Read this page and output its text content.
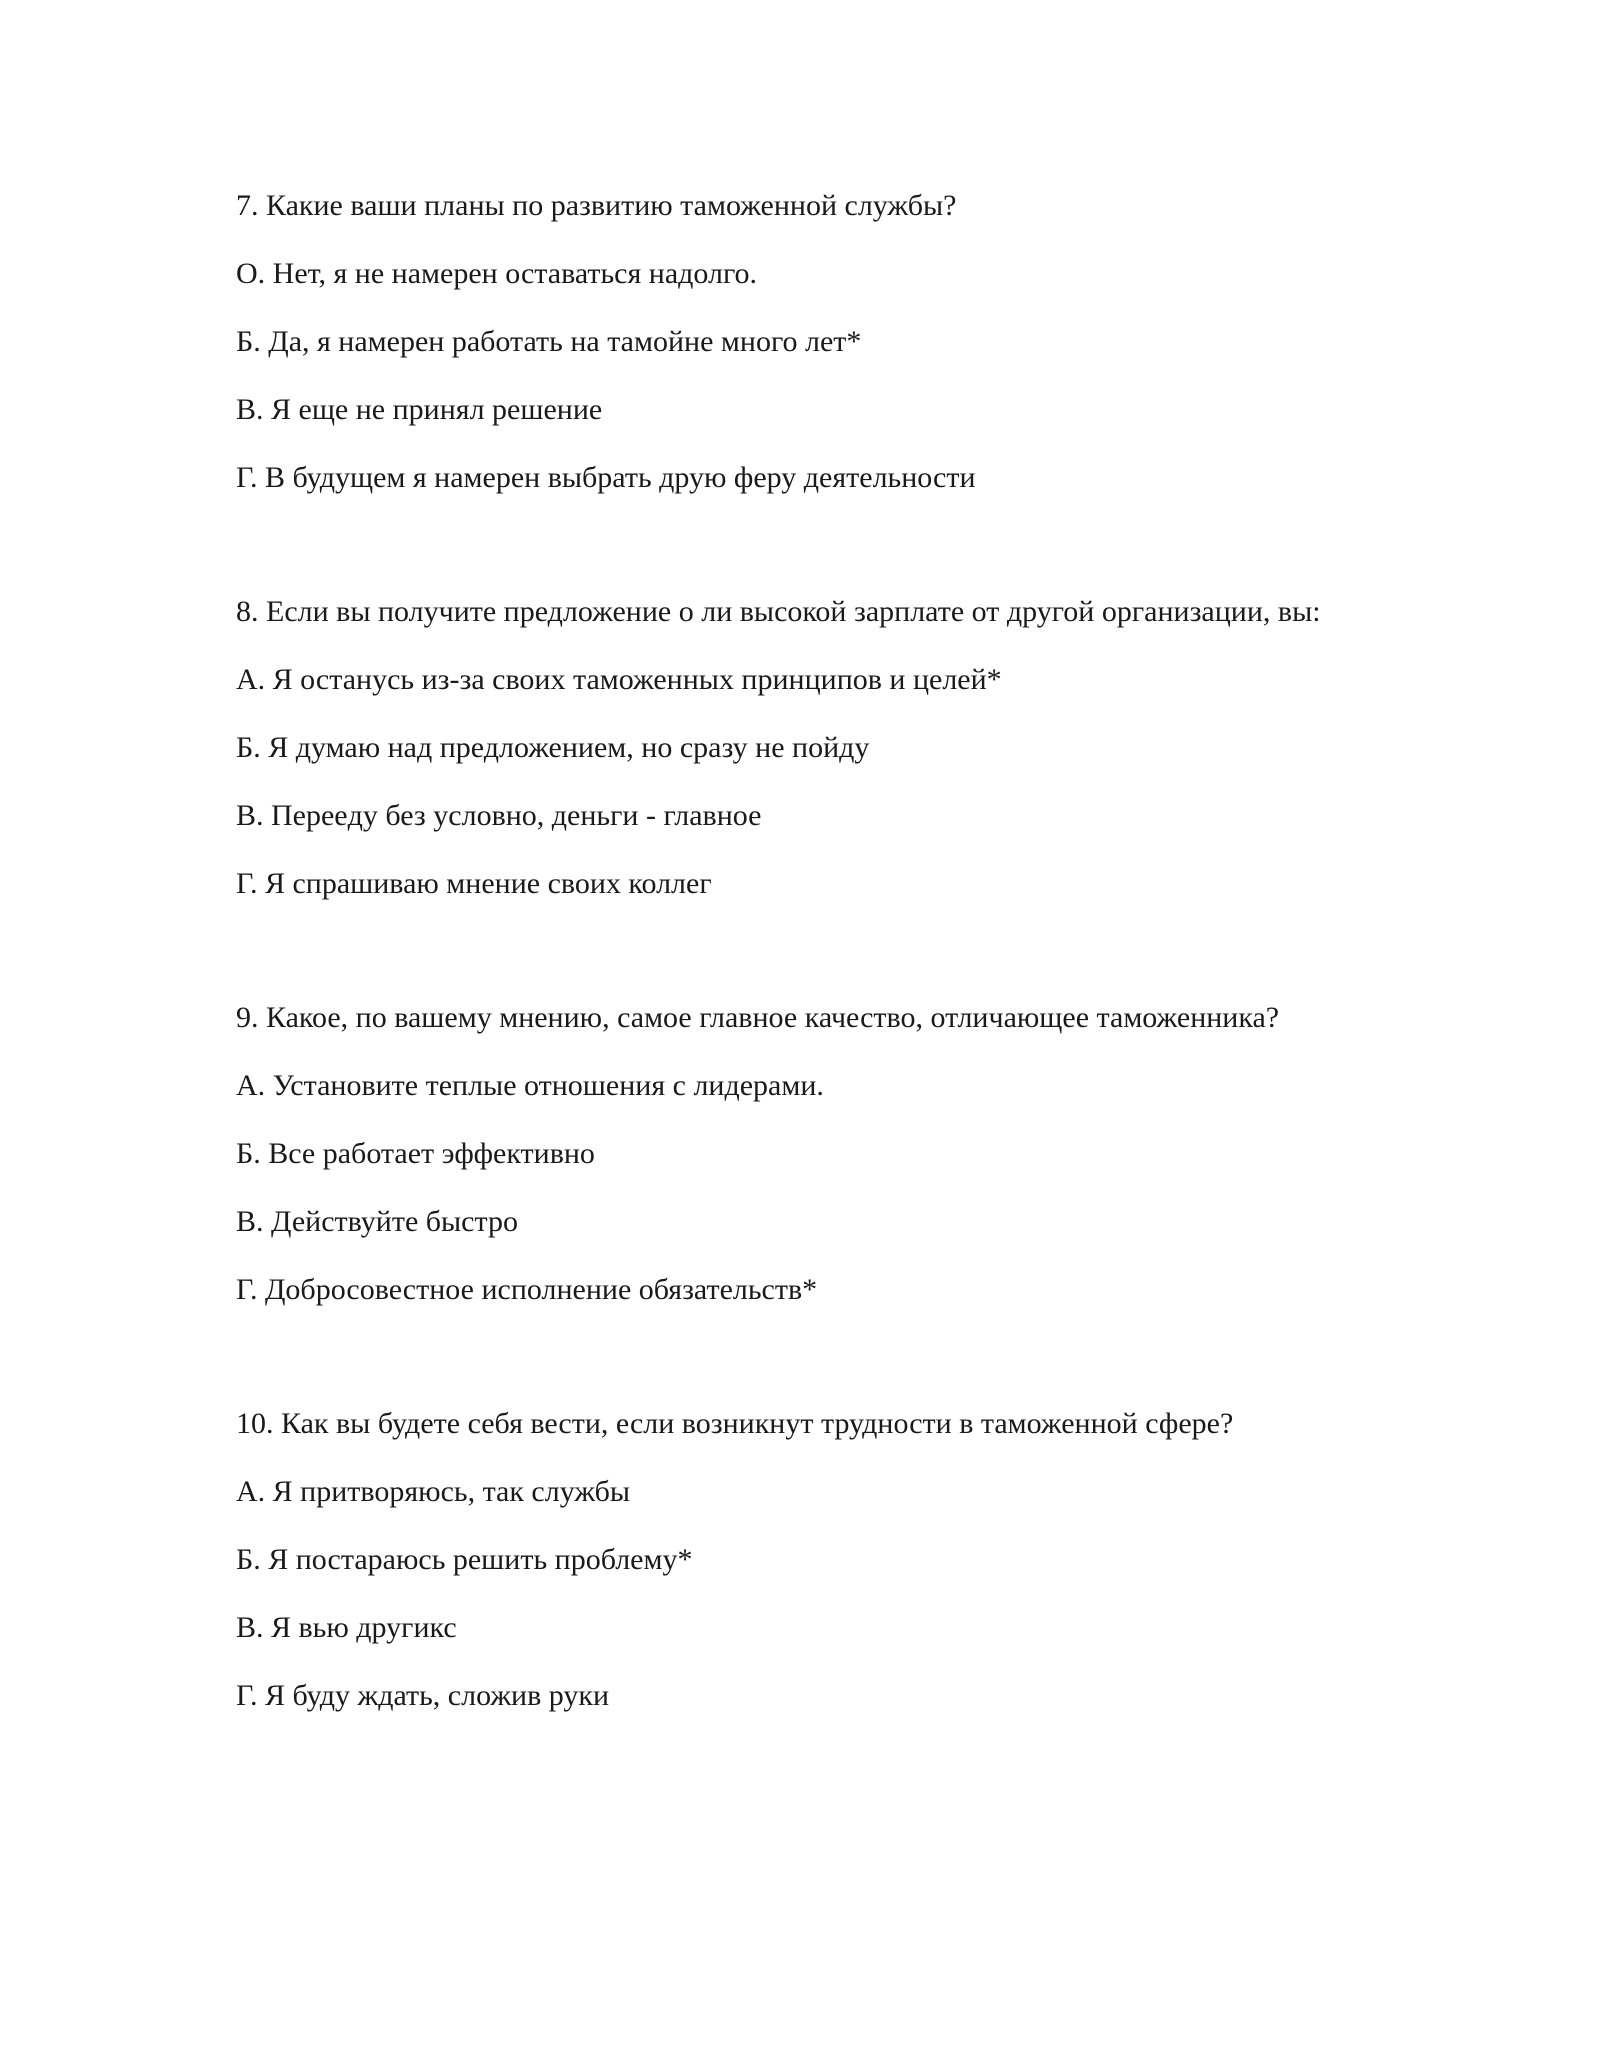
7. Какие ваши планы по развитию таможенной службы?

О. Нет, я не намерен оставаться надолго.

Б. Да, я намерен работать на тамойне много лет*

В. Я еще не принял решение

Г. В будущем я намерен выбрать друю феру деятельности

8. Если вы получите предложение о ли высокой зарплате от другой организации, вы:

А. Я останусь из-за своих таможенных принципов и целей*

Б. Я думаю над предложением, но сразу не пойду

В. Переeду без условно, деньги - главное

Г. Я спрашиваю мнение своих коллег

9. Какое, по вашему мнению, самое главное качество, отличающее таможенника?

А. Установите теплые отношения с лидерами.

Б. Все работает эффективно

В. Действуйте быстро

Г. Добросовестное исполнение обязательств*

10. Как вы будете себя вести, если возникнут трудности в таможенной сфере?

А. Я притворяюсь, так службы

Б. Я постараюсь решить проблему*

В. Я вью другикс

Г. Я буду ждать, сложив руки
